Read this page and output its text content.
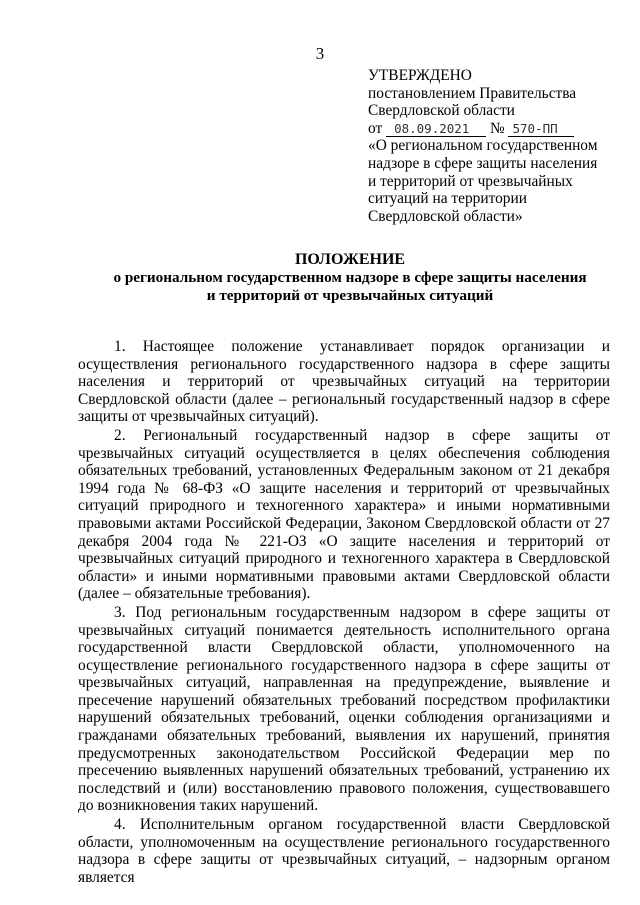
3
УТВЕРЖДЕНО
постановлением Правительства
Свердловской области
от 08.09.2021 № 570-ПП
«О региональном государственном
надзоре в сфере защиты населения
и территорий от чрезвычайных
ситуаций на территории
Свердловской области»
ПОЛОЖЕНИЕ
о региональном государственном надзоре в сфере защиты населения
и территорий от чрезвычайных ситуаций

1. Настоящее положение устанавливает порядок организации и осуществления регионального государственного надзора в сфере защиты населения и территорий от чрезвычайных ситуаций на территории Свердловской области (далее – региональный государственный надзор в сфере защиты от чрезвычайных ситуаций).

2. Региональный государственный надзор в сфере защиты от чрезвычайных ситуаций осуществляется в целях обеспечения соблюдения обязательных требований, установленных Федеральным законом от 21 декабря 1994 года № 68-ФЗ «О защите населения и территорий от чрезвычайных ситуаций природного и техногенного характера» и иными нормативными правовыми актами Российской Федерации, Законом Свердловской области от 27 декабря 2004 года № 221-ОЗ «О защите населения и территорий от чрезвычайных ситуаций природного и техногенного характера в Свердловской области» и иными нормативными правовыми актами Свердловской области (далее – обязательные требования).

3. Под региональным государственным надзором в сфере защиты от чрезвычайных ситуаций понимается деятельность исполнительного органа государственной власти Свердловской области, уполномоченного на осуществление регионального государственного надзора в сфере защиты от чрезвычайных ситуаций, направленная на предупреждение, выявление и пресечение нарушений обязательных требований посредством профилактики нарушений обязательных требований, оценки соблюдения организациями и гражданами обязательных требований, выявления их нарушений, принятия предусмотренных законодательством Российской Федерации мер по пресечению выявленных нарушений обязательных требований, устранению их последствий и (или) восстановлению правового положения, существовавшего до возникновения таких нарушений.

4. Исполнительным органом государственной власти Свердловской области, уполномоченным на осуществление регионального государственного надзора в сфере защиты от чрезвычайных ситуаций, – надзорным органом является
